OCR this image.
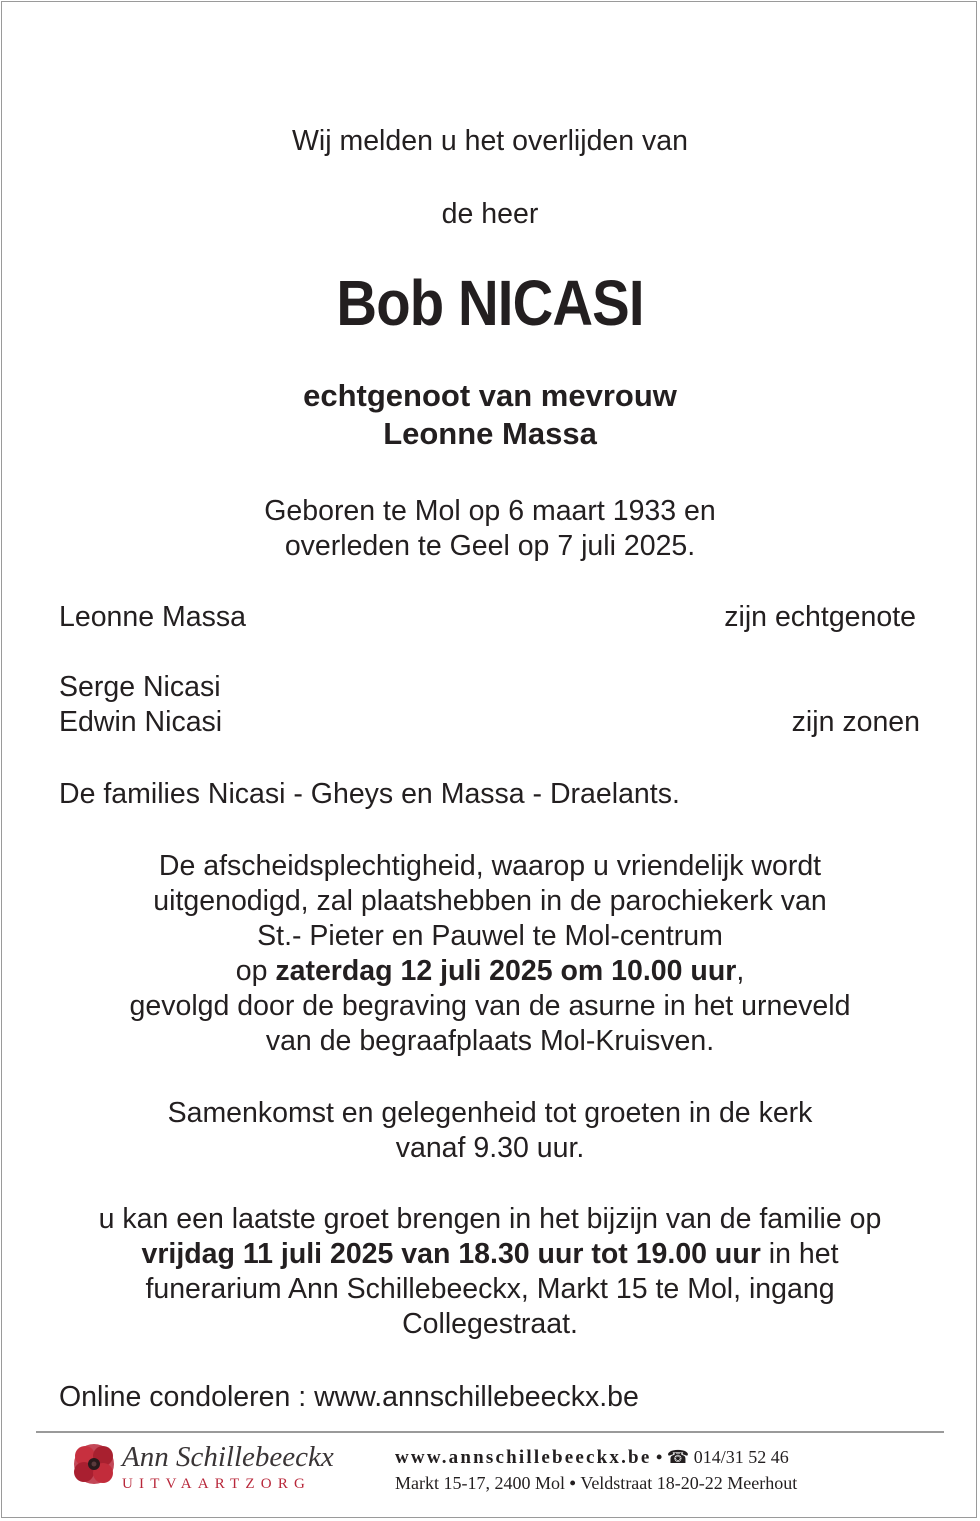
Wij melden u het overlijden van
de heer
Bob NICASI
echtgenoot van mevrouw
Leonne Massa
Geboren te Mol op 6 maart 1933 en
overleden te Geel op 7 juli 2025.
Leonne Massa	zijn echtgenote
Serge Nicasi
Edwin Nicasi	zijn zonen
De families Nicasi - Gheys en Massa - Draelants.
De afscheidsplechtigheid, waarop u vriendelijk wordt
uitgenodigd, zal plaatshebben in de parochiekerk van
St.- Pieter en Pauwel te Mol-centrum
op zaterdag 12 juli 2025 om 10.00 uur,
gevolgd door de begraving van de asurne in het urneveld
van de begraafplaats Mol-Kruisven.
Samenkomst en gelegenheid tot groeten in de kerk
vanaf 9.30 uur.
u kan een laatste groet brengen in het bijzijn van de familie op
vrijdag 11 juli 2025 van 18.30 uur tot 19.00 uur in het
funerarium Ann Schillebeeckx, Markt 15 te Mol, ingang
Collegestraat.
Online condoleren : www.annschillebeeckx.be
Ann Schillebeeckx
UITVAARTZORG
www.annschillebeeckx.be • ☎ 014/31 52 46
Markt 15-17, 2400 Mol • Veldstraat 18-20-22 Meerhout
